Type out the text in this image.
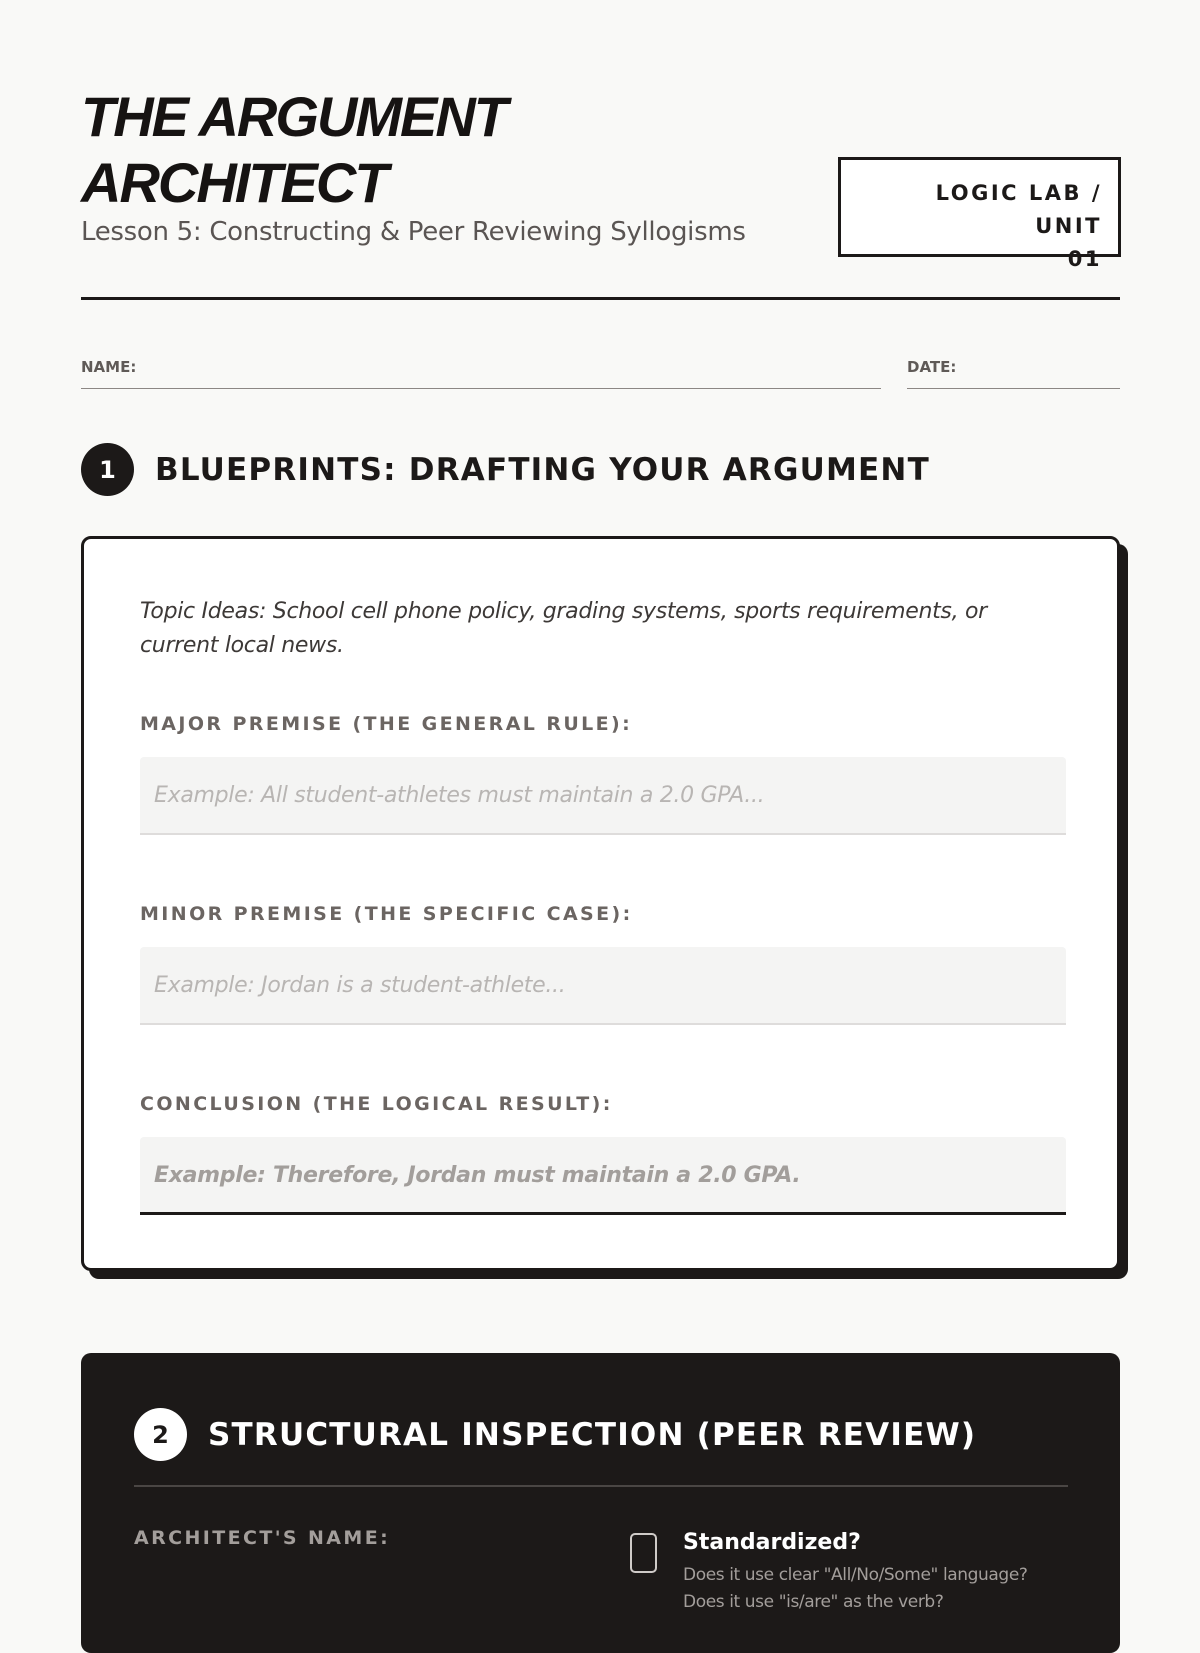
THE ARGUMENT
ARCHITECT
Lesson 5: Constructing & Peer Reviewing Syllogisms
LOGIC LAB / UNIT
01
NAME:	DATE:
1	BLUEPRINTS: DRAFTING YOUR ARGUMENT
Topic Ideas: School cell phone policy, grading systems, sports requirements, or current local news.
MAJOR PREMISE (THE GENERAL RULE):
Example: All student-athletes must maintain a 2.0 GPA...
MINOR PREMISE (THE SPECIFIC CASE):
Example: Jordan is a student-athlete...
CONCLUSION (THE LOGICAL RESULT):
Example: Therefore, Jordan must maintain a 2.0 GPA.
2	STRUCTURAL INSPECTION (PEER REVIEW)
ARCHITECT'S NAME:	Standardized?
Does it use clear "All/No/Some" language? Does it use "is/are" as the verb?
